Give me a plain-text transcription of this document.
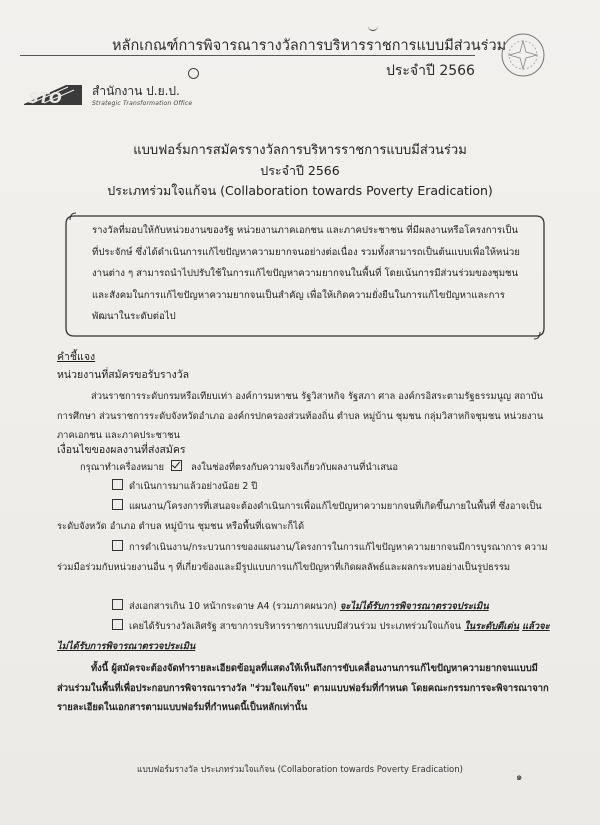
หลักเกณฑ์การพิจารณารางวัลการบริหารราชการแบบมีส่วนร่วม
ประจำปี 2566
STO	สำนักงาน ป.ย.ป.
Strategic Transformation Office
แบบฟอร์มการสมัครรางวัลการบริหารราชการแบบมีส่วนร่วม
ประจำปี 2566
ประเภทร่วมใจแก้จน (Collaboration towards Poverty Eradication)
รางวัลที่มอบให้กับหน่วยงานของรัฐ หน่วยงานภาคเอกชน และภาคประชาชน ที่มีผลงานหรือโครงการเป็นที่ประจักษ์ ซึ่งได้ดำเนินการแก้ไขปัญหาความยากจนอย่างต่อเนื่อง รวมทั้งสามารถเป็นต้นแบบเพื่อให้หน่วยงานต่าง ๆ สามารถนำไปปรับใช้ในการแก้ไขปัญหาความยากจนในพื้นที่ โดยเน้นการมีส่วนร่วมของชุมชนและสังคมในการแก้ไขปัญหาความยากจนเป็นสำคัญ เพื่อให้เกิดความยั่งยืนในการแก้ไขปัญหาและการพัฒนาในระดับต่อไป
คำชี้แจง
หน่วยงานที่สมัครขอรับรางวัล
ส่วนราชการระดับกรมหรือเทียบเท่า องค์การมหาชน รัฐวิสาหกิจ รัฐสภา ศาล องค์กรอิสระตามรัฐธรรมนูญ สถาบันการศึกษา ส่วนราชการระดับจังหวัดอำเภอ องค์กรปกครองส่วนท้องถิ่น ตำบล หมู่บ้าน ชุมชน กลุ่มวิสาหกิจชุมชน หน่วยงานภาคเอกชน และภาคประชาชน
เงื่อนไขของผลงานที่ส่งสมัคร
กรุณาทำเครื่องหมาย	ลงในช่องที่ตรงกับความจริงเกี่ยวกับผลงานที่นำเสนอ
ดำเนินการมาแล้วอย่างน้อย 2 ปี
แผนงาน/โครงการที่เสนอจะต้องดำเนินการเพื่อแก้ไขปัญหาความยากจนที่เกิดขึ้นภายในพื้นที่ ซึ่งอาจเป็นระดับจังหวัด อำเภอ ตำบล หมู่บ้าน ชุมชน หรือพื้นที่เฉพาะก็ได้
การดำเนินงาน/กระบวนการของแผนงาน/โครงการในการแก้ไขปัญหาความยากจนมีการบูรณาการ ความร่วมมือร่วมกับหน่วยงานอื่น ๆ ที่เกี่ยวข้องและมีรูปแบบการแก้ไขปัญหาที่เกิดผลลัพธ์และผลกระทบอย่างเป็นรูปธรรม
ส่งเอกสารเกิน 10 หน้ากระดาษ A4 (รวมภาคผนวก) จะไม่ได้รับการพิจารณาตรวจประเมิน
เคยได้รับรางวัลเลิศรัฐ สาขาการบริหารราชการแบบมีส่วนร่วม ประเภทร่วมใจแก้จน ในระดับดีเด่น แล้วจะไม่ได้รับการพิจารณาตรวจประเมิน
ทั้งนี้ ผู้สมัครจะต้องจัดทำรายละเอียดข้อมูลที่แสดงให้เห็นถึงการขับเคลื่อนงานการแก้ไขปัญหาความยากจนแบบมีส่วนร่วมในพื้นที่เพื่อประกอบการพิจารณารางวัล "ร่วมใจแก้จน" ตามแบบฟอร์มที่กำหนด โดยคณะกรรมการจะพิจารณาจากรายละเอียดในเอกสารตามแบบฟอร์มที่กำหนดนี้เป็นหลักเท่านั้น
แบบฟอร์มรางวัล ประเภทร่วมใจแก้จน (Collaboration towards Poverty Eradication)
๑
